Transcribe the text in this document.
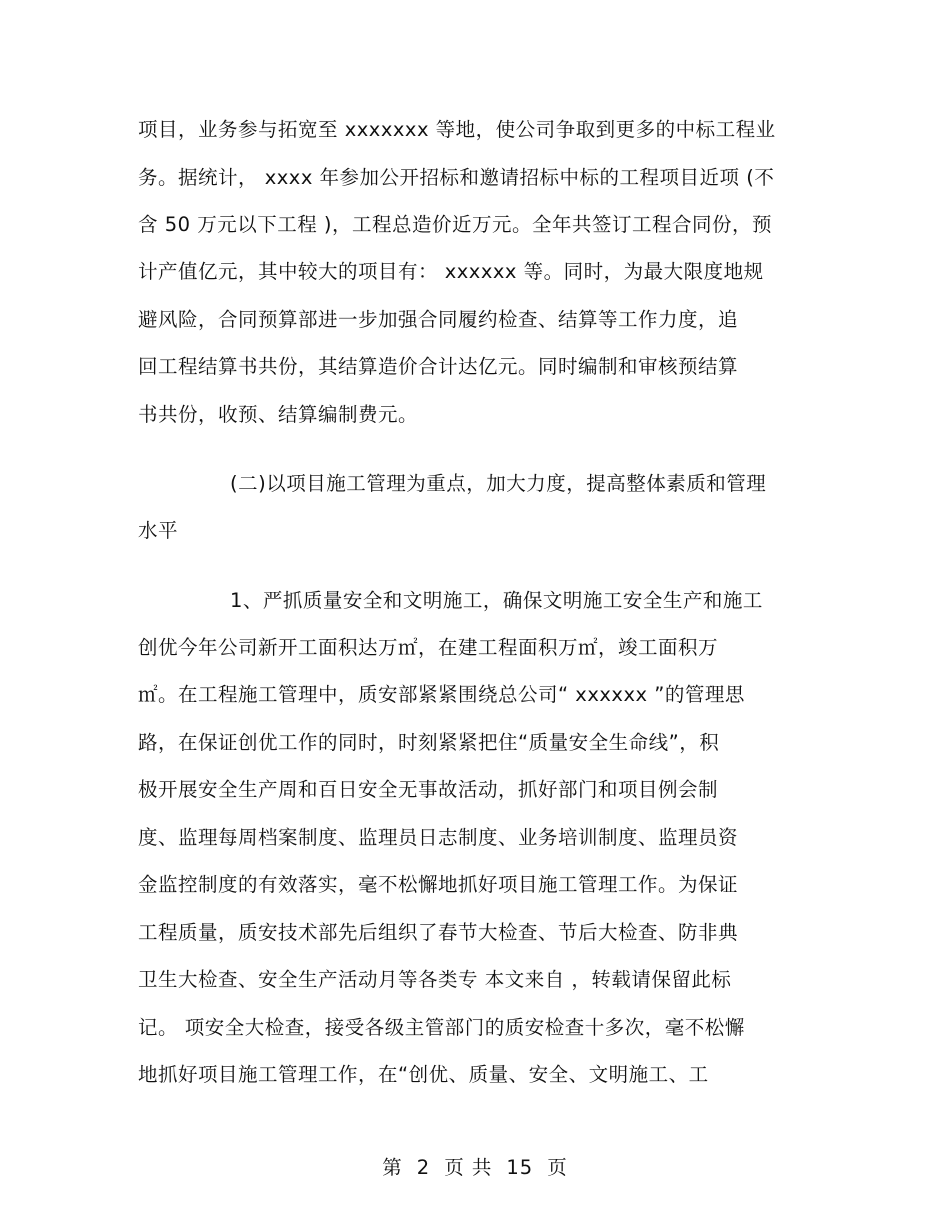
项目，业务参与拓宽至 xxxxxxx 等地，使公司争取到更多的中标工程业
务。据统计， xxxx 年参加公开招标和邀请招标中标的工程项目近项 (不
含 50 万元以下工程 )，工程总造价近万元。全年共签订工程合同份，预
计产值亿元，其中较大的项目有： xxxxxx 等。同时，为最大限度地规
避风险，合同预算部进一步加强合同履约检查、结算等工作力度，追
回工程结算书共份，其结算造价合计达亿元。同时编制和审核预结算
书共份，收预、结算编制费元。
(二)以项目施工管理为重点，加大力度，提高整体素质和管理
水平
1、严抓质量安全和文明施工，确保文明施工安全生产和施工
创优今年公司新开工面积达万㎡，在建工程面积万㎡，竣工面积万
㎡。在工程施工管理中，质安部紧紧围绕总公司“ xxxxxx ”的管理思
路，在保证创优工作的同时，时刻紧紧把住“质量安全生命线”，积
极开展安全生产周和百日安全无事故活动，抓好部门和项目例会制
度、监理每周档案制度、监理员日志制度、业务培训制度、监理员资
金监控制度的有效落实，毫不松懈地抓好项目施工管理工作。为保证
工程质量，质安技术部先后组织了春节大检查、节后大检查、防非典
卫生大检查、安全生产活动月等各类专 本文来自 ，转载请保留此标
记。 项安全大检查，接受各级主管部门的质安检查十多次，毫不松懈
地抓好项目施工管理工作，在“创优、质量、安全、文明施工、工
第 2 页 共 15 页
